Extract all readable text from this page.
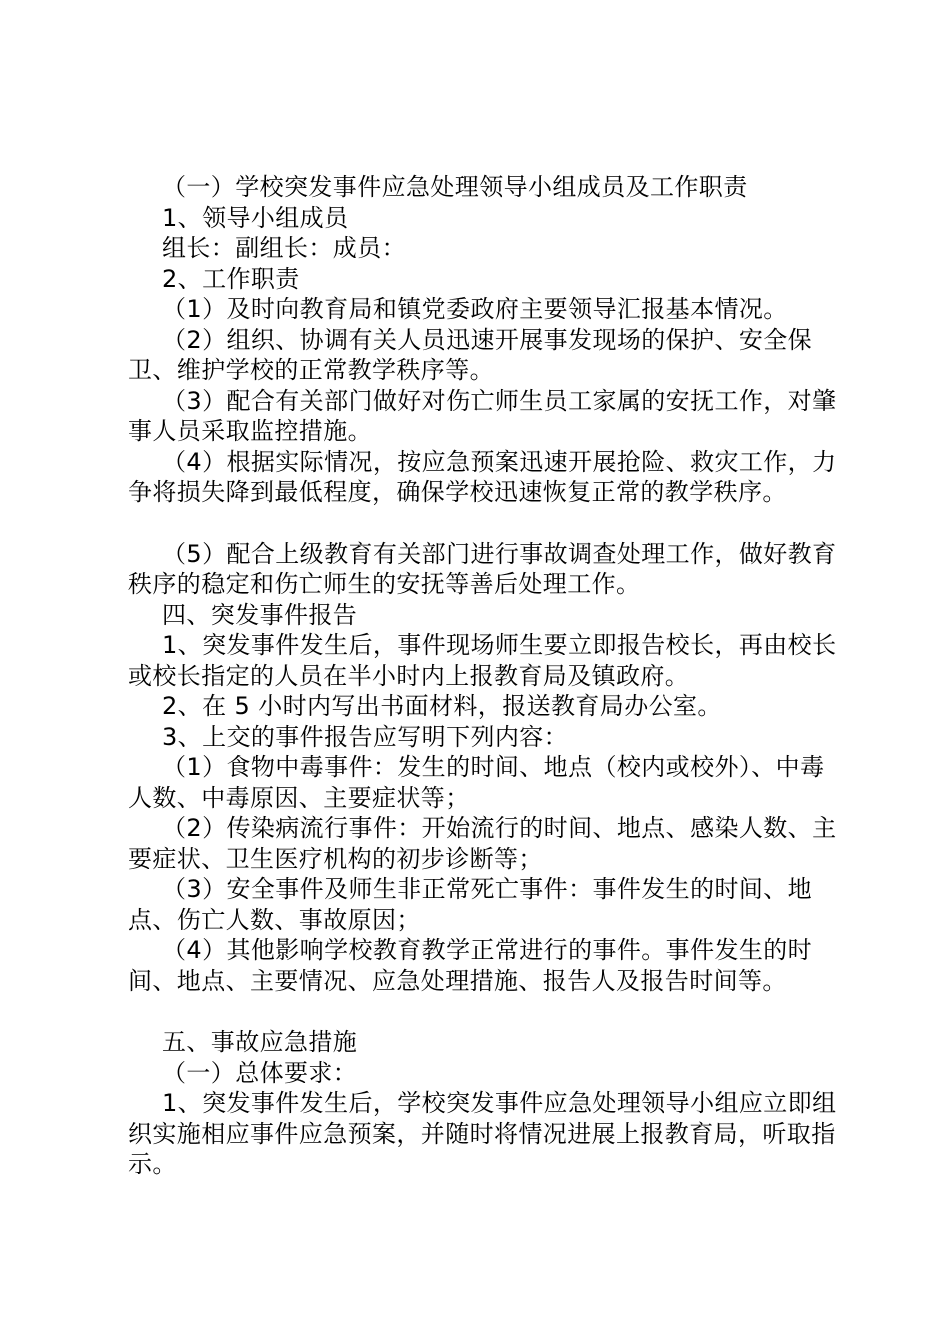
（一）学校突发事件应急处理领导小组成员及工作职责

1、领导小组成员

组长：副组长：成员：

2、工作职责

（1）及时向教育局和镇党委政府主要领导汇报基本情况。

（2）组织、协调有关人员迅速开展事发现场的保护、安全保卫、维护学校的正常教学秩序等。

（3）配合有关部门做好对伤亡师生员工家属的安抚工作，对肇事人员采取监控措施。

（4）根据实际情况，按应急预案迅速开展抢险、救灾工作，力争将损失降到最低程度，确保学校迅速恢复正常的教学秩序。

（5）配合上级教育有关部门进行事故调查处理工作，做好教育秩序的稳定和伤亡师生的安抚等善后处理工作。

四、突发事件报告

1、突发事件发生后，事件现场师生要立即报告校长，再由校长或校长指定的人员在半小时内上报教育局及镇政府。

2、在 5 小时内写出书面材料，报送教育局办公室。

3、上交的事件报告应写明下列内容：

（1）食物中毒事件：发生的时间、地点（校内或校外）、中毒人数、中毒原因、主要症状等；

（2）传染病流行事件：开始流行的时间、地点、感染人数、主要症状、卫生医疗机构的初步诊断等；

（3）安全事件及师生非正常死亡事件：事件发生的时间、地点、伤亡人数、事故原因；

（4）其他影响学校教育教学正常进行的事件。事件发生的时间、地点、主要情况、应急处理措施、报告人及报告时间等。

五、事故应急措施

（一）总体要求：

1、突发事件发生后，学校突发事件应急处理领导小组应立即组织实施相应事件应急预案，并随时将情况进展上报教育局，听取指示。
